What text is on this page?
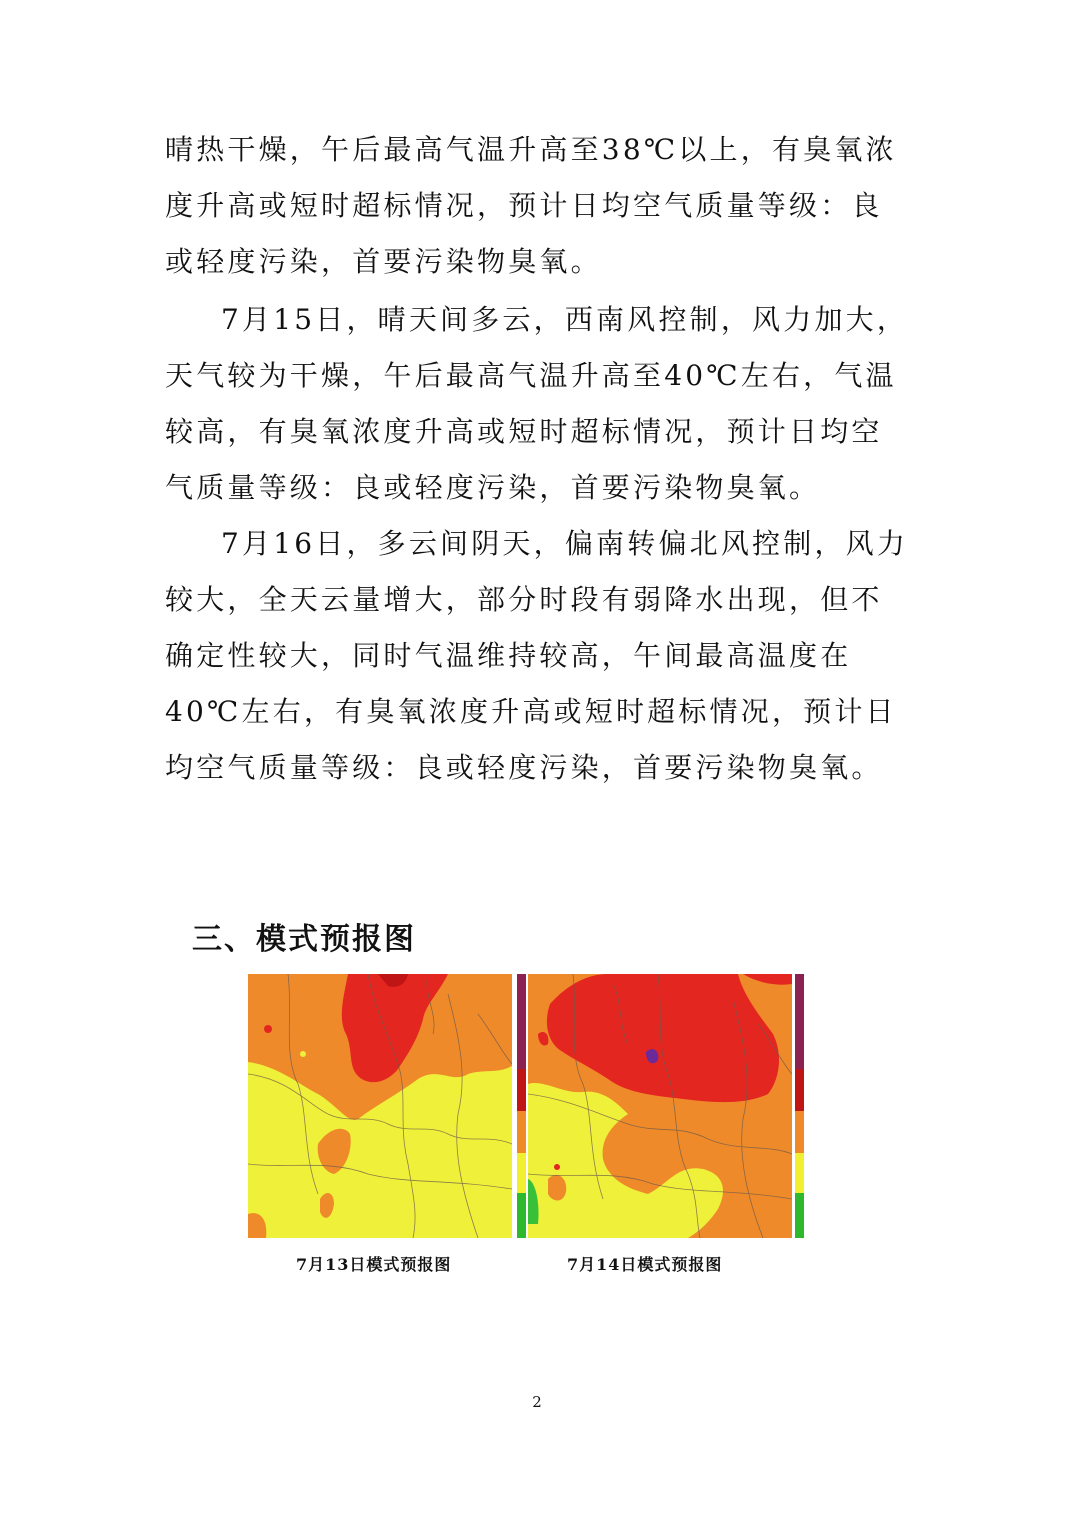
晴热干燥，午后最高气温升高至38℃以上，有臭氧浓度升高或短时超标情况，预计日均空气质量等级：良或轻度污染，首要污染物臭氧。

7月15日，晴天间多云，西南风控制，风力加大，天气较为干燥，午后最高气温升高至40℃左右，气温较高，有臭氧浓度升高或短时超标情况，预计日均空气质量等级：良或轻度污染，首要污染物臭氧。

7月16日，多云间阴天，偏南转偏北风控制，风力较大，全天云量增大，部分时段有弱降水出现，但不确定性较大，同时气温维持较高，午间最高温度在40℃左右，有臭氧浓度升高或短时超标情况，预计日均空气质量等级：良或轻度污染，首要污染物臭氧。

三、模式预报图
7月13日模式预报图	7月14日模式预报图
2
